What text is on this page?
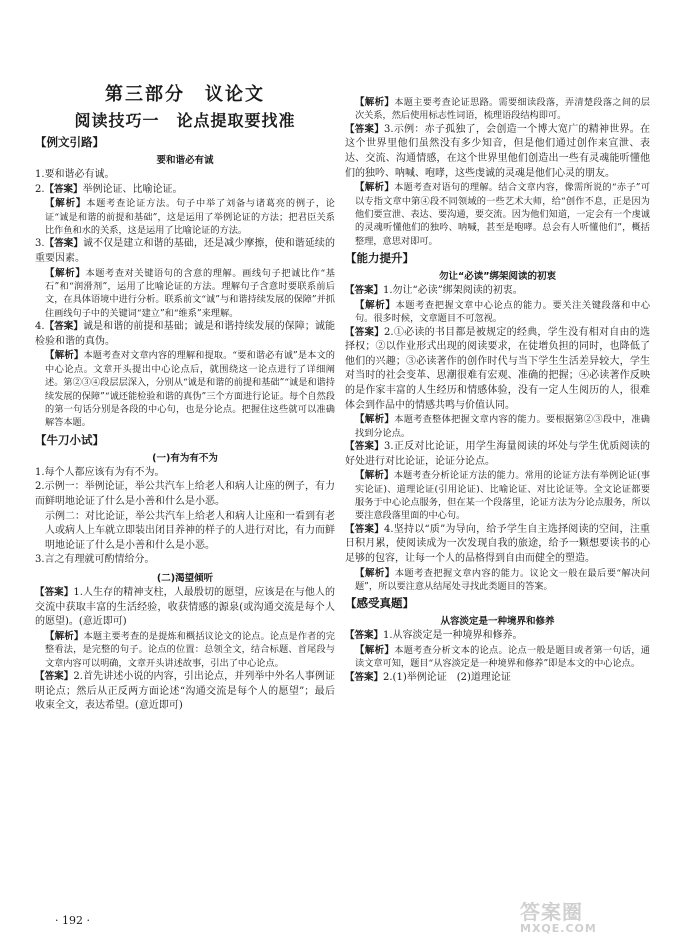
第三部分　议论文
阅读技巧一　论点提取要找准
【例文引路】
要和谐必有诚

1.要和谐必有诚。

2.【答案】举例论证、比喻论证。

【解析】本题考查论证方法。句子中举了刘备与诸葛亮的例子，论证“诚是和谐的前提和基础”，这是运用了举例论证的方法；把君臣关系比作鱼和水的关系，这是运用了比喻论证的方法。

3.【答案】诚不仅是建立和谐的基础，还是减少摩擦，使和谐延续的重要因素。

【解析】本题考查对关键语句的含意的理解。画线句子把诚比作“基石”和“润滑剂”，运用了比喻论证的方法。理解句子含意时要联系前后文，在具体语境中进行分析。联系前文“诚”与和谐持续发展的保障”并抓住画线句子中的关键词“建立”和“维系”来理解。

4.【答案】诚是和谐的前提和基础；诚是和谐持续发展的保障；诚能检验和谐的真伪。

【解析】本题考查对文章内容的理解和提取。“要和谐必有诚”是本文的中心论点。文章开头提出中心论点后，就围绕这一论点进行了详细阐述。第②③④段层层深入，分别从“诚是和谐的前提和基础”“诚是和谐持续发展的保障”“诚还能检验和谐的真伪”三个方面进行论证。每个自然段的第一句话分别是各段的中心句，也是分论点。把握住这些就可以准确解答本题。

【牛刀小试】
(一)有为有不为

1.每个人都应该有为有不为。

2.示例一：举例论证，举公共汽车上给老人和病人让座的例子，有力而鲜明地论证了什么是小善和什么是小恶。

示例二：对比论证，举公共汽车上给老人和病人让座和一看到有老人或病人上车就立即装出闭目养神的样子的人进行对比，有力而鲜明地论证了什么是小善和什么是小恶。

3.言之有理就可酌情给分。

(二)渴望倾听

【答案】1.人生存的精神支柱，人最殷切的愿望，应该是在与他人的交流中获取丰富的生活经验，收获情感的源泉(或沟通交流是每个人的愿望)。(意近即可)

【解析】本题主要考查的是提炼和概括议论文的论点。论点是作者的完整看法，是完整的句子。论点的位置：总领全文，结合标题、首尾段与文章内容可以明确，文章开头讲述故事，引出了中心论点。

【答案】2.首先讲述小说的内容，引出论点，并列举中外名人事例证明论点；然后从正反两方面论述“沟通交流是每个人的愿望”；最后收束全文，表达希望。(意近即可)

【解析】本题主要考查论证思路。需要细读段落，弄清楚段落之间的层次关系，然后使用标志性词语，梳理语段结构即可。

【答案】3.示例：赤子孤独了，会创造一个博大宽广的精神世界。在这个世界里他们虽然没有多少知音，但是他们通过创作来宣泄、表达、交流、沟通情感，在这个世界里他们创造出一些有灵魂能听懂他们的独吟、呐喊、咆哮，这些虔诚的灵魂是他们心灵的朋友。

【解析】本题考查对语句的理解。结合文章内容，像需所说的“赤子”可以专指文章中第④段不同领域的一些艺术大师，给“创作不息，正是因为他们要宣泄、表达、要沟通，要交流。因为他们知道，一定会有一个虔诚的灵魂听懂他们的独吟、呐喊，甚至是咆哮。总会有人听懂他们”，概括整理，意思对即可。

【能力提升】
勿让“必读”绑架阅读的初衷

【答案】1.勿让“必读”绑架阅读的初衷。

【解析】本题考查把握文章中心论点的能力。要关注关键段落和中心句。很多时候，文章题目不可忽视。

【答案】2.①必读的书目都是被规定的经典，学生没有相对自由的选择权；②以作业形式出现的阅读要求，在徒增负担的同时，也降低了他们的兴趣；③必读著作的创作时代与当下学生生活差异较大，学生对当时的社会变革、思潮很难有宏观、准确的把握；④必读著作反映的是作家丰富的人生经历和情感体验，没有一定人生阅历的人，很难体会到作品中的情感共鸣与价值认同。

【解析】本题考查整体把握文章内容的能力。要根据第②③段中，准确找到分论点。

【答案】3.正反对比论证，用学生海量阅读的坏处与学生优质阅读的好处进行对比论证，论证分论点。

【解析】本题考查分析论证方法的能力。常用的论证方法有举例论证(事实论证)、道理论证(引用论证)、比喻论证、对比论证等。全文论证都要服务于中心论点服务，但在某一个段落里，论证方法为分论点服务，所以要注意段落里面的中心句。

【答案】4.坚持以“质”为导向，给予学生自主选择阅读的空间，注重日积月累，使阅读成为一次发现自我的旅途，给予一颗想要读书的心足够的包容，让每一个人的品格得到自由而健全的塑造。

【解析】本题考查把握文章内容的能力。议论文一般在最后要“解决问题”，所以要注意从结尾处寻找此类题目的答案。

【感受真题】
从容淡定是一种境界和修养

【答案】1.从容淡定是一种境界和修养。

【解析】本题考查分析文本的论点。论点一般是题目或者第一句话，通读文章可知，题目“从容淡定是一种境界和修养”即是本文的中心论点。

【答案】2.(1)举例论证　(2)道理论证

· 192 ·	答案圈
MXQE.COM
